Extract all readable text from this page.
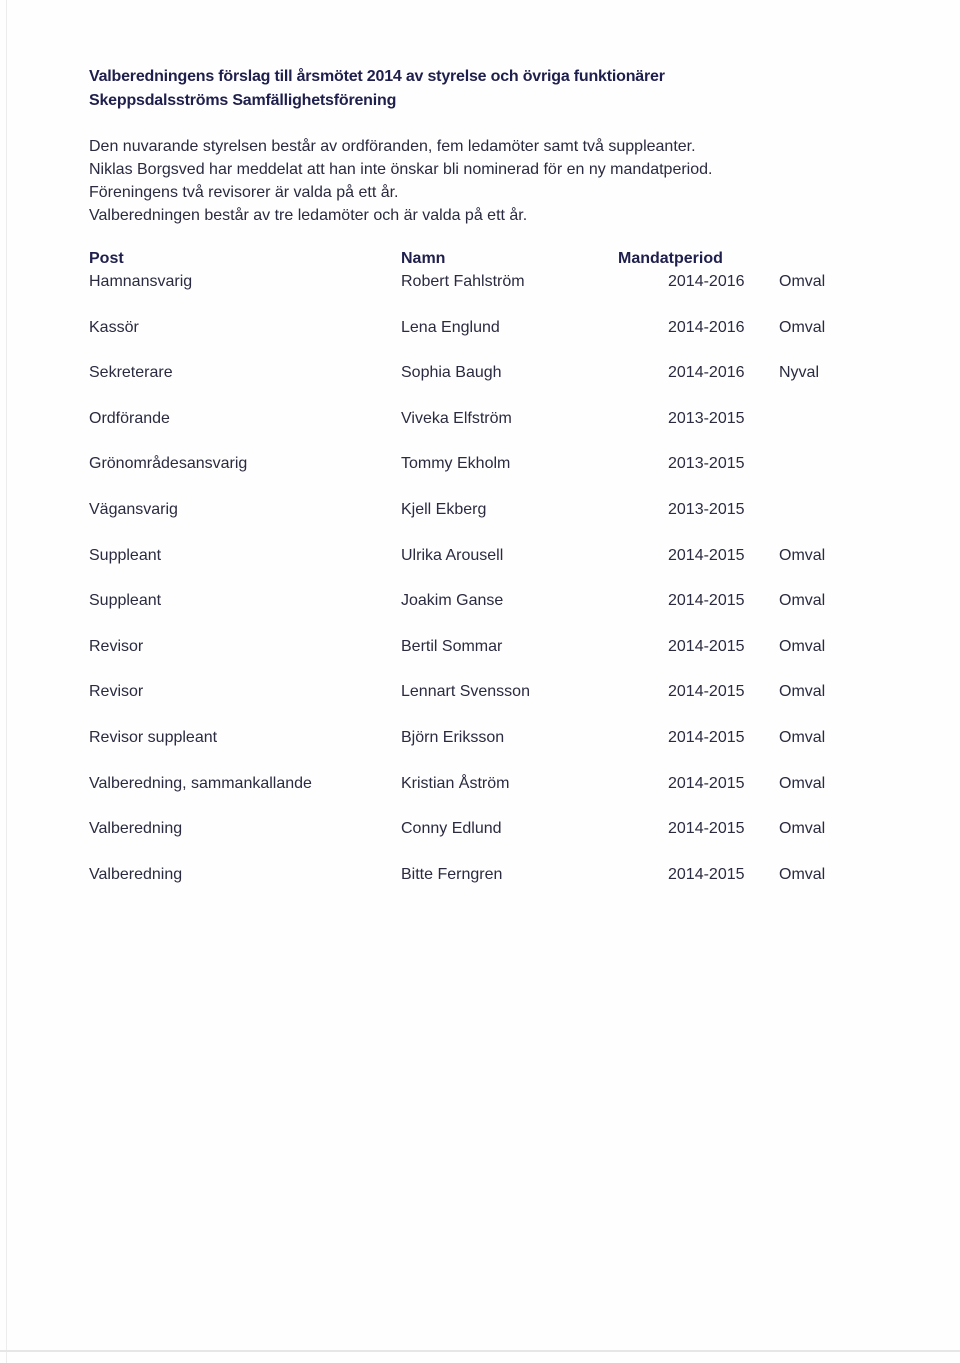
Valberedningens förslag till årsmötet 2014 av styrelse och övriga funktionärer
Skeppsdalsströms Samfällighetsförening

Den nuvarande styrelsen består av ordföranden, fem ledamöter samt två suppleanter.

Niklas Borgsved har meddelat att han inte önskar bli nominerad för en ny mandatperiod.

Föreningens två revisorer är valda på ett år.

Valberedningen består av tre ledamöter och är valda på ett år.

Post	Namn	Mandatperiod
Hamnansvarig	Robert Fahlström	2014-2016 Omval
Kassör	Lena Englund	2014-2016 Omval
Sekreterare	Sophia Baugh	2014-2016 Nyval
Ordförande	Viveka Elfström	2013-2015
Grönområdesansvarig	Tommy Ekholm	2013-2015
Vägansvarig	Kjell Ekberg	2013-2015
Suppleant	Ulrika Arousell	2014-2015 Omval
Suppleant	Joakim Ganse	2014-2015 Omval
Revisor	Bertil Sommar	2014-2015 Omval
Revisor	Lennart Svensson	2014-2015 Omval
Revisor suppleant	Björn Eriksson	2014-2015 Omval
Valberedning, sammankallande	Kristian Åström	2014-2015 Omval
Valberedning	Conny Edlund	2014-2015 Omval
Valberedning	Bitte Ferngren	2014-2015 Omval
